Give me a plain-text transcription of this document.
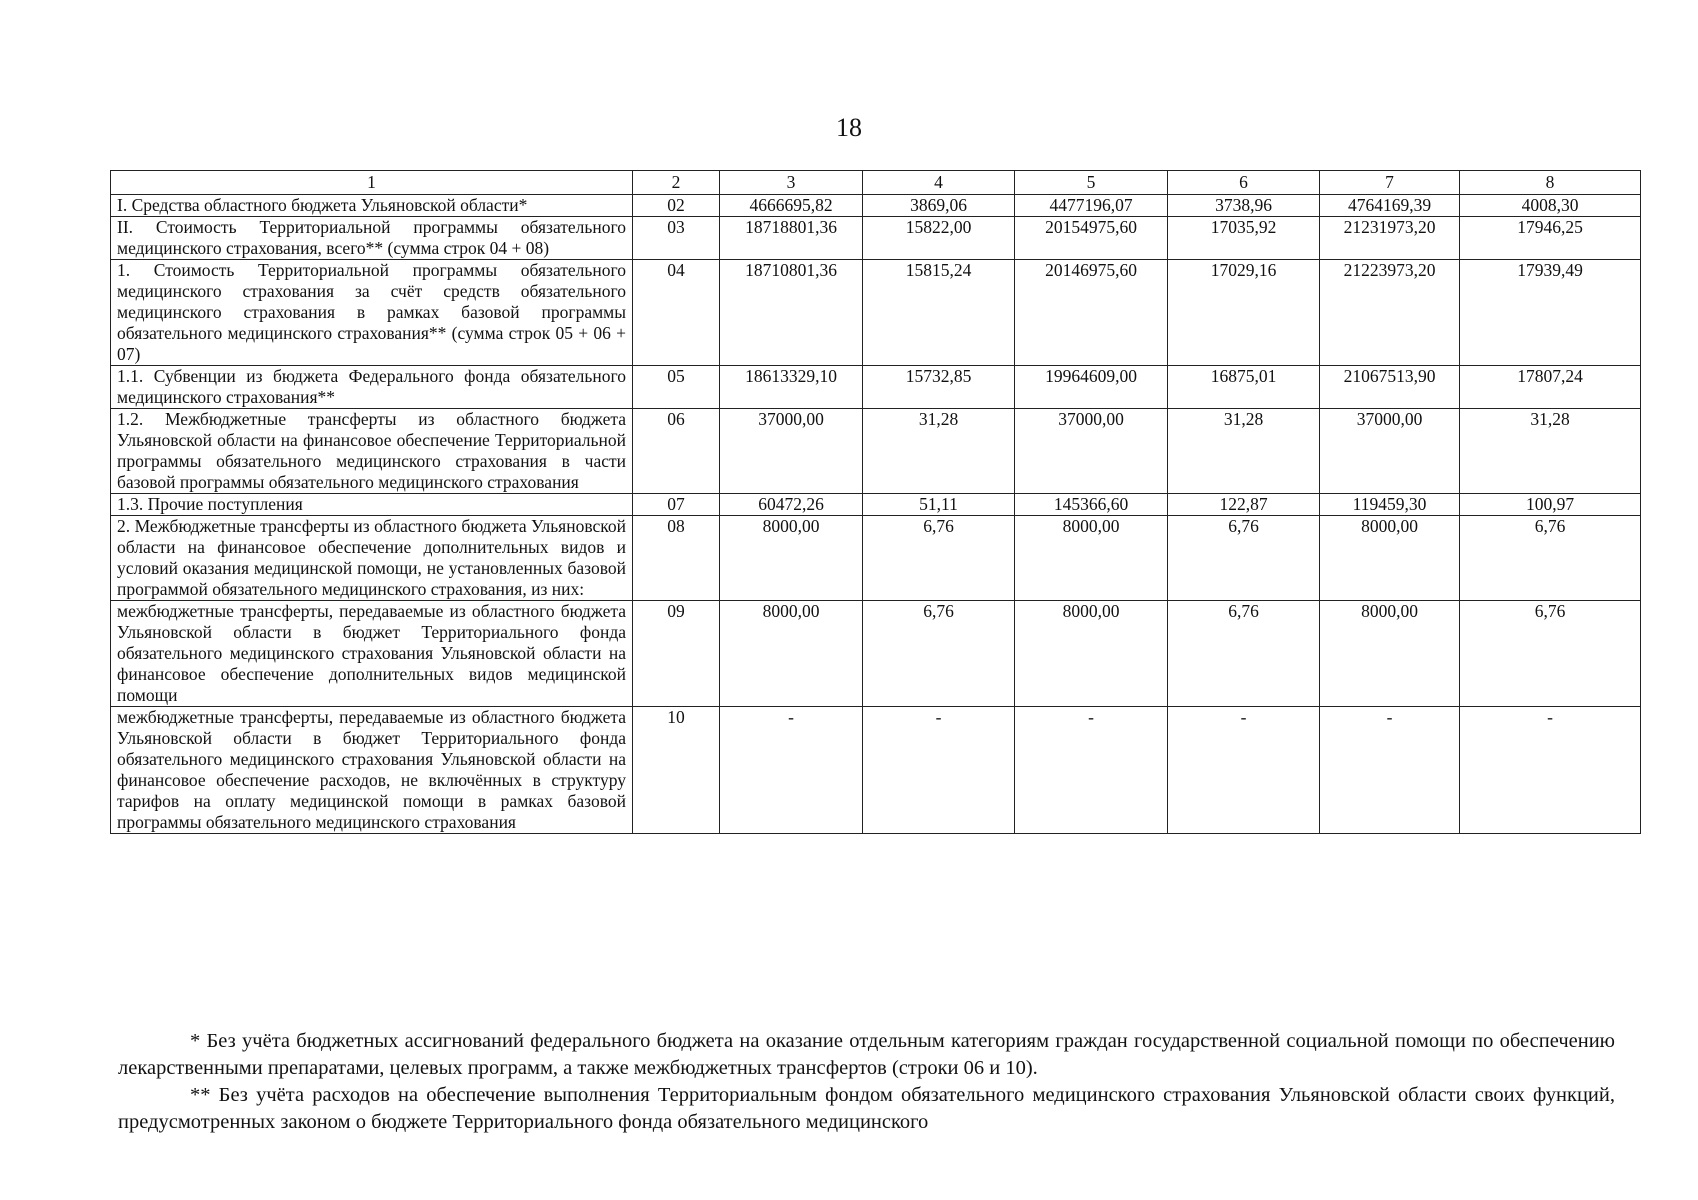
18
1	2	3	4	5	6	7	8
I. Средства областного бюджета Ульяновской области*	02	4666695,82	3869,06	4477196,07	3738,96	4764169,39	4008,30
II. Стоимость Территориальной программы обязательного медицинского страхования, всего** (сумма строк 04 + 08)	03	18718801,36	15822,00	20154975,60	17035,92	21231973,20	17946,25
1. Стоимость Территориальной программы обязательного медицинского страхования за счёт средств обязательного медицинского страхования в рамках базовой программы обязательного медицинского страхования** (сумма строк 05 + 06 + 07)	04	18710801,36	15815,24	20146975,60	17029,16	21223973,20	17939,49
1.1. Субвенции из бюджета Федерального фонда обязательного медицинского страхования**	05	18613329,10	15732,85	19964609,00	16875,01	21067513,90	17807,24
1.2. Межбюджетные трансферты из областного бюджета Ульяновской области на финансовое обеспечение Территориальной программы обязательного медицинского страхования в части базовой программы обязательного медицинского страхования	06	37000,00	31,28	37000,00	31,28	37000,00	31,28
1.3. Прочие поступления	07	60472,26	51,11	145366,60	122,87	119459,30	100,97
2. Межбюджетные трансферты из областного бюджета Ульяновской области на финансовое обеспечение дополнительных видов и условий оказания медицинской помощи, не установленных базовой программой обязательного медицинского страхования, из них:	08	8000,00	6,76	8000,00	6,76	8000,00	6,76
межбюджетные трансферты, передаваемые из областного бюджета Ульяновской области в бюджет Территориального фонда обязательного медицинского страхования Ульяновской области на финансовое обеспечение дополнительных видов медицинской помощи	09	8000,00	6,76	8000,00	6,76	8000,00	6,76
межбюджетные трансферты, передаваемые из областного бюджета Ульяновской области в бюджет Территориального фонда обязательного медицинского страхования Ульяновской области на финансовое обеспечение расходов, не включённых в структуру тарифов на оплату медицинской помощи в рамках базовой программы обязательного медицинского страхования	10	-	-	-	-	-	-

* Без учёта бюджетных ассигнований федерального бюджета на оказание отдельным категориям граждан государственной социальной помощи по обеспечению лекарственными препаратами, целевых программ, а также межбюджетных трансфертов (строки 06 и 10).

** Без учёта расходов на обеспечение выполнения Территориальным фондом обязательного медицинского страхования Ульяновской области своих функций, предусмотренных законом о бюджете Территориального фонда обязательного медицинского
